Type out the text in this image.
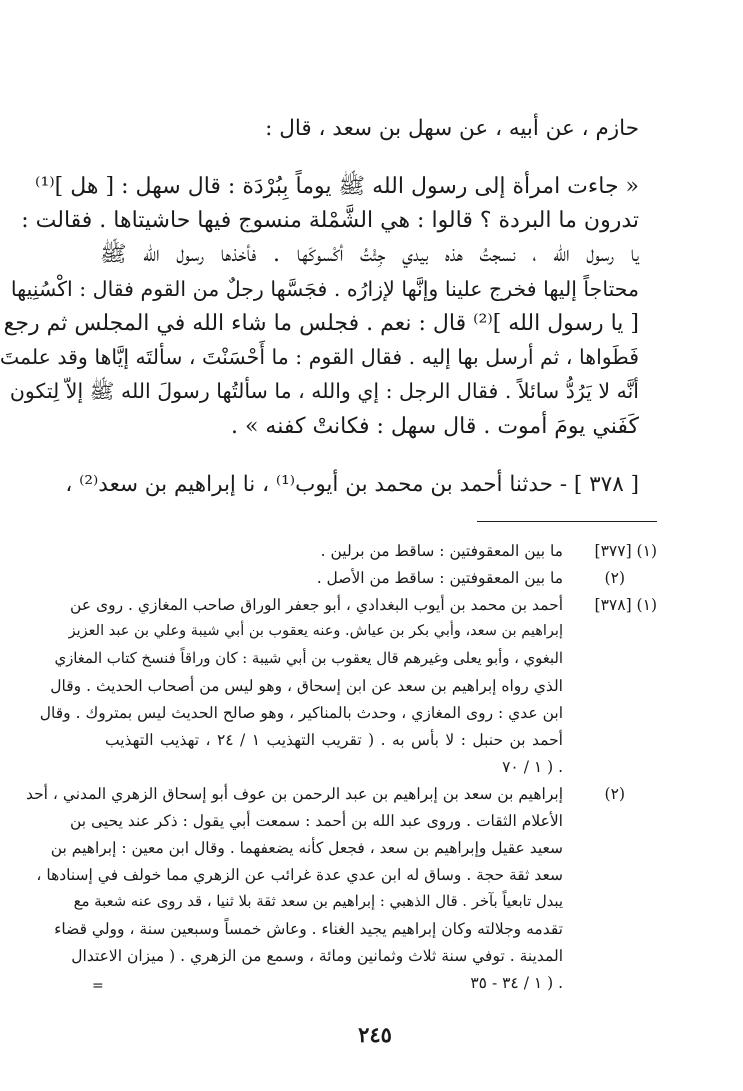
حازم ، عن أبيه ، عن سهل بن سعد ، قال :
« جاءت امرأة إلى رسول الله ﷺ يوماً بِبُرْدَة : قال سهل : [ هل ]⁽¹⁾
تدرون ما البردة ؟ قالوا : هي الشَّمْلة منسوج فيها حاشيتاها . فقالت :
يا رسول الله ، نسجتُ هذه بيدي جِئْتُ أكْسوكَها . فأخذها رسول الله ﷺ
محتاجاً إليها فخرج علينا وإنَّها لإزارُه . فجَسَّها رجلٌ من القوم فقال : اكْسُنِيها
[ يا رسول الله ]⁽²⁾ قال : نعم . فجلس ما شاء الله في المجلس ثم رجع
فَطَواها ، ثم أرسل بها إليه . فقال القوم : ما أَحْسَنْتَ ، سألتَه إيَّاها وقد علمتَ
أنَّه لا يَرُدُّ سائلاً . فقال الرجل : إي والله ، ما سألتُها رسولَ الله ﷺ إلاّ لِتكون
كَفَني يومَ أموت . قال سهل : فكانتْ كفنه » .
[ ٣٧٨ ] - حدثنا أحمد بن محمد بن أيوب⁽¹⁾ ، نا إبراهيم بن سعد⁽²⁾ ،
[٣٧٧] (١)
ما بين المعقوفتين : ساقط من برلين .
(٢)
ما بين المعقوفتين : ساقط من الأصل .
[٣٧٨] (١)
أحمد بن محمد بن أيوب البغدادي ، أبو جعفر الوراق صاحب المغازي . روى عن
إبراهيم بن سعد، وأبي بكر بن عياش. وعنه يعقوب بن أبي شيبة وعلي بن عبد العزيز
البغوي ، وأبو يعلى وغيرهم قال يعقوب بن أبي شيبة : كان وراقاً فنسخ كتاب المغازي
الذي رواه إبراهيم بن سعد عن ابن إسحاق ، وهو ليس من أصحاب الحديث . وقال
ابن عدي : روى المغازي ، وحدث بالمناكير ، وهو صالح الحديث ليس بمتروك . وقال
أحمد بن حنبل : لا بأس به . ( تقريب التهذيب ١ / ٢٤ ، تهذيب التهذيب
١ / ٧٠ ) .
(٢)
إبراهيم بن سعد بن إبراهيم بن عبد الرحمن بن عوف أبو إسحاق الزهري المدني ، أحد
الأعلام الثقات . وروى عبد الله بن أحمد : سمعت أبي يقول : ذكر عند يحيى بن
سعيد عقيل وإبراهيم بن سعد ، فجعل كأنه يضعفهما . وقال ابن معين : إبراهيم بن
سعد ثقة حجة . وساق له ابن عدي عدة غرائب عن الزهري مما خولف في إسنادها ،
يبدل تابعياً بآخر . قال الذهبي : إبراهيم بن سعد ثقة بلا ثنيا ، قد روى عنه شعبة مع
تقدمه وجلالته وكان إبراهيم يجيد الغناء . وعاش خمساً وسبعين سنة ، وولي قضاء
المدينة . توفي سنة ثلاث وثمانين ومائة ، وسمع من الزهري . ( ميزان الاعتدال
١ / ٣٤ - ٣٥ ) .
=
٢٤٥
